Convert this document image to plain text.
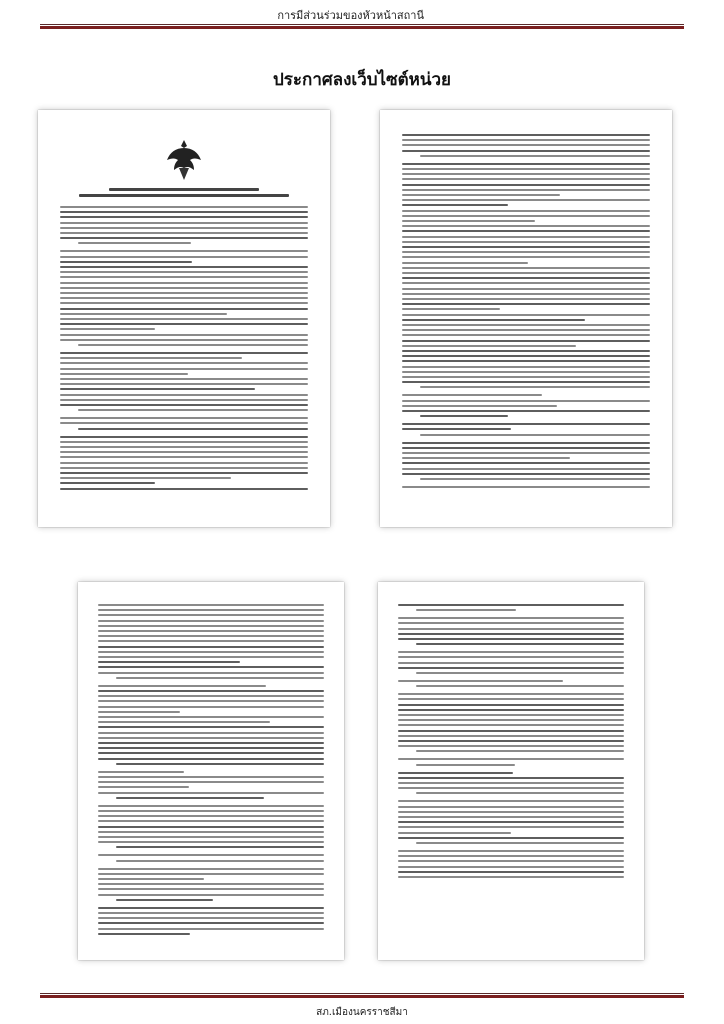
การมีส่วนร่วมของหัวหน้าสถานี
ประกาศลงเว็บไซต์หน่วย
สภ.เมืองนครราชสีมา
